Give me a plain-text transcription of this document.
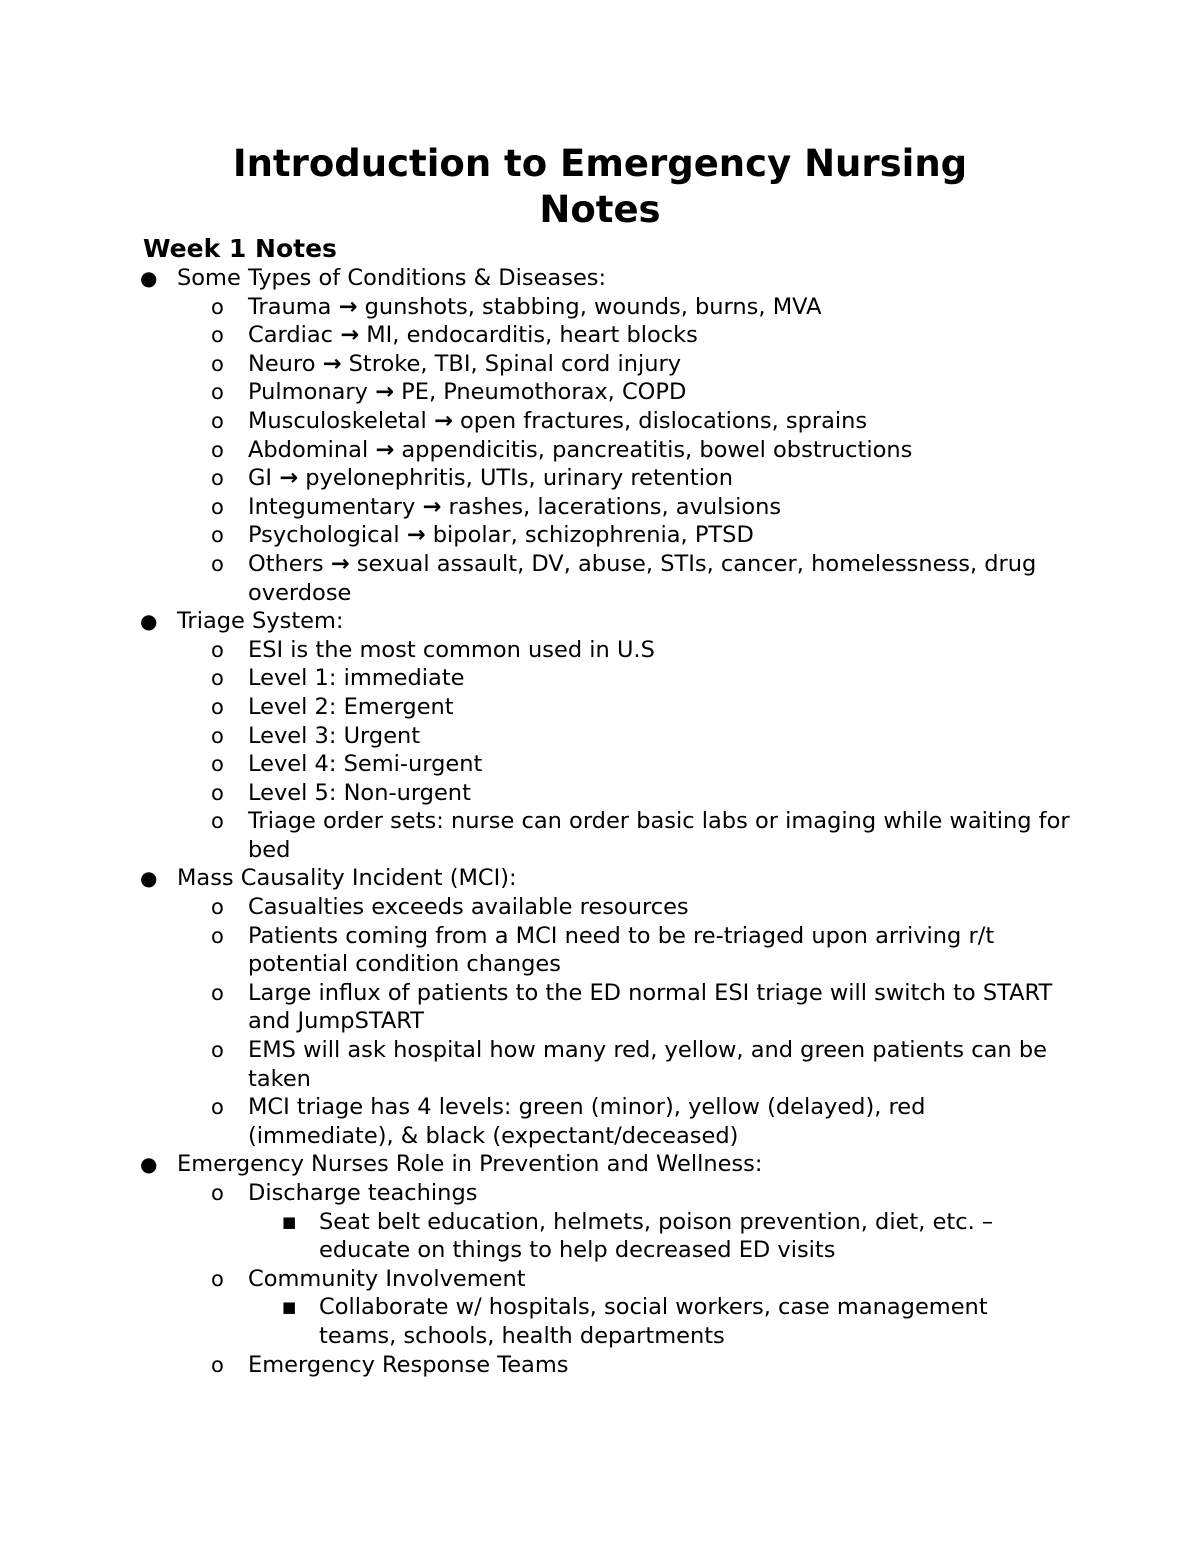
Introduction to Emergency Nursing
Notes
Week 1 Notes
● Some Types of Conditions & Diseases:
o Trauma → gunshots, stabbing, wounds, burns, MVA
o Cardiac → MI, endocarditis, heart blocks
o Neuro → Stroke, TBI, Spinal cord injury
o Pulmonary → PE, Pneumothorax, COPD
o Musculoskeletal → open fractures, dislocations, sprains
o Abdominal → appendicitis, pancreatitis, bowel obstructions
o GI → pyelonephritis, UTIs, urinary retention
o Integumentary → rashes, lacerations, avulsions
o Psychological → bipolar, schizophrenia, PTSD
o Others → sexual assault, DV, abuse, STIs, cancer, homelessness, drug overdose
● Triage System:
o ESI is the most common used in U.S
o Level 1: immediate
o Level 2: Emergent
o Level 3: Urgent
o Level 4: Semi-urgent
o Level 5: Non-urgent
o Triage order sets: nurse can order basic labs or imaging while waiting for bed
● Mass Causality Incident (MCI):
o Casualties exceeds available resources
o Patients coming from a MCI need to be re-triaged upon arriving r/t potential condition changes
o Large influx of patients to the ED normal ESI triage will switch to START and JumpSTART
o EMS will ask hospital how many red, yellow, and green patients can be taken
o MCI triage has 4 levels: green (minor), yellow (delayed), red (immediate), & black (expectant/deceased)
● Emergency Nurses Role in Prevention and Wellness:
o Discharge teachings
■ Seat belt education, helmets, poison prevention, diet, etc. – educate on things to help decreased ED visits
o Community Involvement
■ Collaborate w/ hospitals, social workers, case management teams, schools, health departments
o Emergency Response Teams
